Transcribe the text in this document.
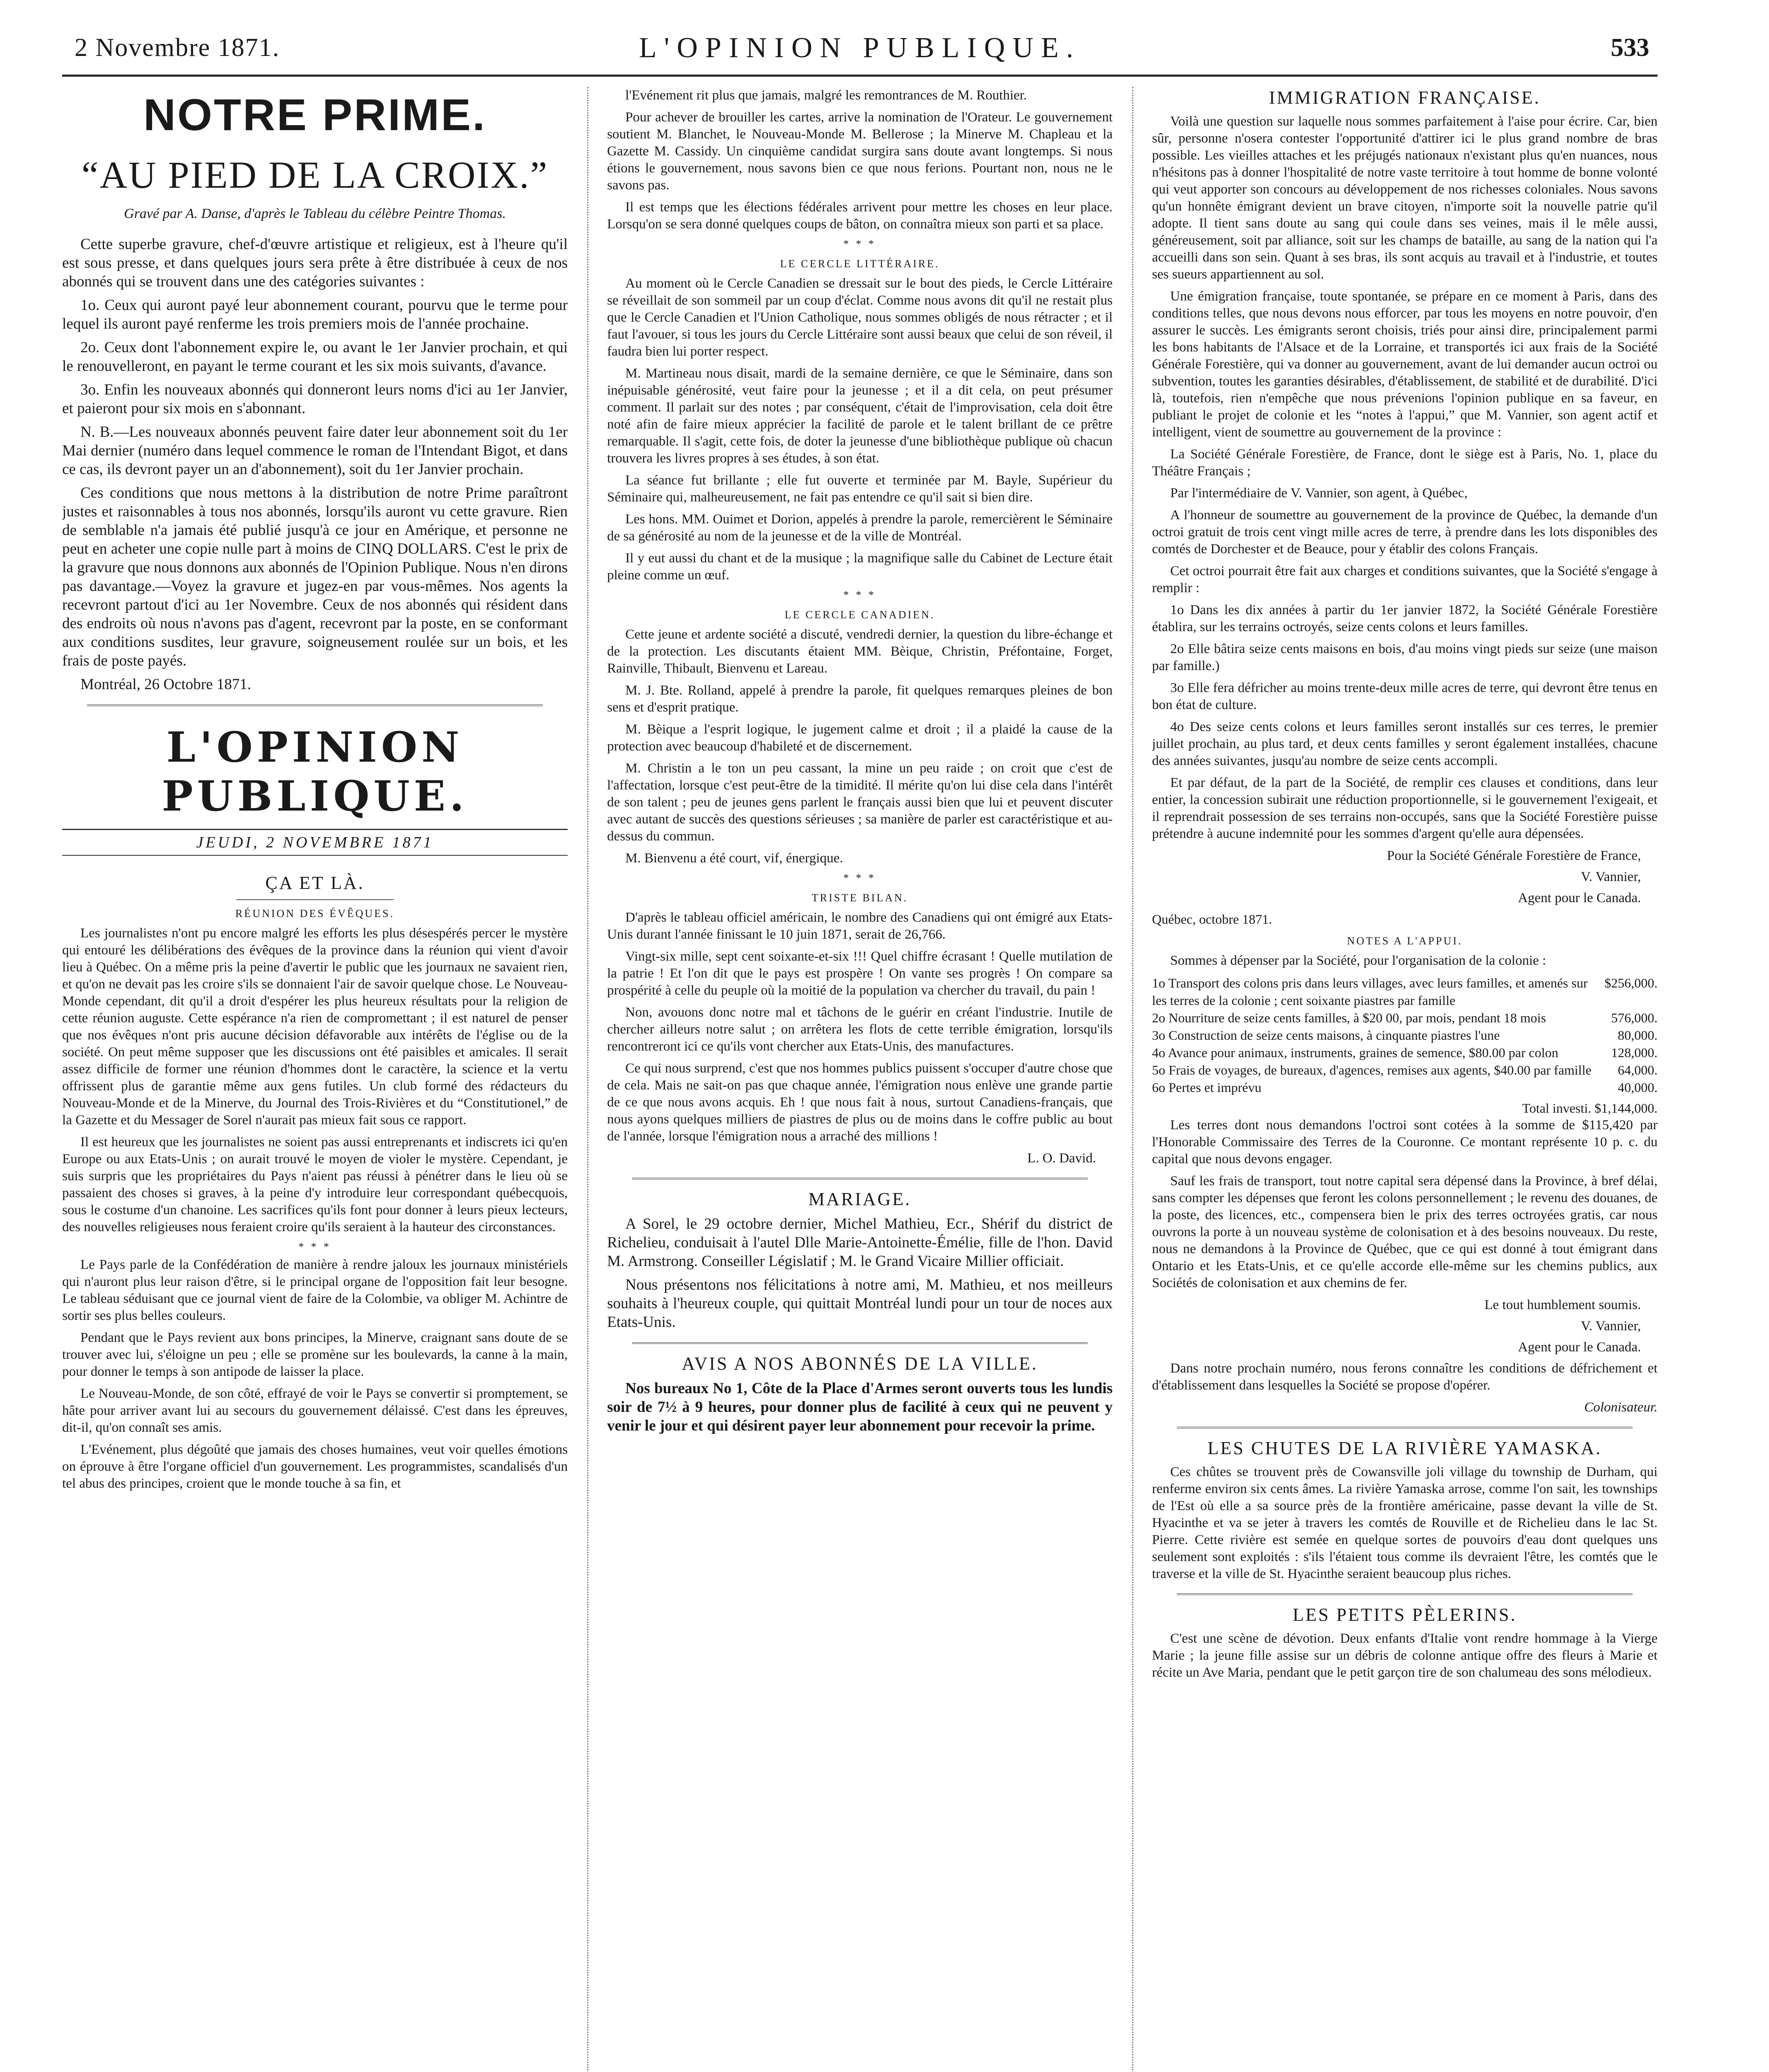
2 Novembre 1871.	L'OPINION PUBLIQUE.	533
NOTRE PRIME.
“AU PIED DE LA CROIX.”
Gravé par A. Danse, d'après le Tableau du célèbre Peintre Thomas.

Cette superbe gravure, chef-d'œuvre artistique et religieux, est à l'heure qu'il est sous presse, et dans quelques jours sera prête à être distribuée à ceux de nos abonnés qui se trouvent dans une des catégories suivantes :

1o. Ceux qui auront payé leur abonnement courant, pourvu que le terme pour lequel ils auront payé renferme les trois premiers mois de l'année prochaine.

2o. Ceux dont l'abonnement expire le, ou avant le 1er Janvier prochain, et qui le renouvelleront, en payant le terme courant et les six mois suivants, d'avance.

3o. Enfin les nouveaux abonnés qui donneront leurs noms d'ici au 1er Janvier, et paieront pour six mois en s'abonnant.

N. B.—Les nouveaux abonnés peuvent faire dater leur abonnement soit du 1er Mai dernier (numéro dans lequel commence le roman de l'Intendant Bigot, et dans ce cas, ils devront payer un an d'abonnement), soit du 1er Janvier prochain.

Ces conditions que nous mettons à la distribution de notre Prime paraîtront justes et raisonnables à tous nos abonnés, lorsqu'ils auront vu cette gravure. Rien de semblable n'a jamais été publié jusqu'à ce jour en Amérique, et personne ne peut en acheter une copie nulle part à moins de CINQ DOLLARS. C'est le prix de la gravure que nous donnons aux abonnés de l'Opinion Publique. Nous n'en dirons pas davantage.—Voyez la gravure et jugez-en par vous-mêmes. Nos agents la recevront partout d'ici au 1er Novembre. Ceux de nos abonnés qui résident dans des endroits où nous n'avons pas d'agent, recevront par la poste, en se conformant aux conditions susdites, leur gravure, soigneusement roulée sur un bois, et les frais de poste payés.

Montréal, 26 Octobre 1871.

L'OPINION PUBLIQUE.
JEUDI, 2 NOVEMBRE 1871
ÇA ET LÀ.
RÉUNION DES ÉVÊQUES.

Les journalistes n'ont pu encore malgré les efforts les plus désespérés percer le mystère qui entouré les délibérations des évêques de la province dans la réunion qui vient d'avoir lieu à Québec. On a même pris la peine d'avertir le public que les journaux ne savaient rien, et qu'on ne devait pas les croire s'ils se donnaient l'air de savoir quelque chose. Le Nouveau-Monde cependant, dit qu'il a droit d'espérer les plus heureux résultats pour la religion de cette réunion auguste. Cette espérance n'a rien de compromettant ; il est naturel de penser que nos évêques n'ont pris aucune décision défavorable aux intérêts de l'église ou de la société. On peut même supposer que les discussions ont été paisibles et amicales. Il serait assez difficile de former une réunion d'hommes dont le caractère, la science et la vertu offrissent plus de garantie même aux gens futiles. Un club formé des rédacteurs du Nouveau-Monde et de la Minerve, du Journal des Trois-Rivières et du “Constitutionel,” de la Gazette et du Messager de Sorel n'aurait pas mieux fait sous ce rapport.

Il est heureux que les journalistes ne soient pas aussi entreprenants et indiscrets ici qu'en Europe ou aux Etats-Unis ; on aurait trouvé le moyen de violer le mystère. Cependant, je suis surpris que les propriétaires du Pays n'aient pas réussi à pénétrer dans le lieu où se passaient des choses si graves, à la peine d'y introduire leur correspondant québecquois, sous le costume d'un chanoine. Les sacrifices qu'ils font pour donner à leurs pieux lecteurs, des nouvelles religieuses nous feraient croire qu'ils seraient à la hauteur des circonstances.

* * *

Le Pays parle de la Confédération de manière à rendre jaloux les journaux ministériels qui n'auront plus leur raison d'être, si le principal organe de l'opposition fait leur besogne. Le tableau séduisant que ce journal vient de faire de la Colombie, va obliger M. Achintre de sortir ses plus belles couleurs.

Pendant que le Pays revient aux bons principes, la Minerve, craignant sans doute de se trouver avec lui, s'éloigne un peu ; elle se promène sur les boulevards, la canne à la main, pour donner le temps à son antipode de laisser la place.

Le Nouveau-Monde, de son côté, effrayé de voir le Pays se convertir si promptement, se hâte pour arriver avant lui au secours du gouvernement délaissé. C'est dans les épreuves, dit-il, qu'on connaît ses amis.

L'Evénement, plus dégoûté que jamais des choses humaines, veut voir quelles émotions on éprouve à être l'organe officiel d'un gouvernement. Les programmistes, scandalisés d'un tel abus des principes, croient que le monde touche à sa fin, et

l'Evénement rit plus que jamais, malgré les remontrances de M. Routhier.

Pour achever de brouiller les cartes, arrive la nomination de l'Orateur. Le gouvernement soutient M. Blanchet, le Nouveau-Monde M. Bellerose ; la Minerve M. Chapleau et la Gazette M. Cassidy. Un cinquième candidat surgira sans doute avant longtemps. Si nous étions le gouvernement, nous savons bien ce que nous ferions. Pourtant non, nous ne le savons pas.

Il est temps que les élections fédérales arrivent pour mettre les choses en leur place. Lorsqu'on se sera donné quelques coups de bâton, on connaîtra mieux son parti et sa place.

* * *
LE CERCLE LITTÉRAIRE.

Au moment où le Cercle Canadien se dressait sur le bout des pieds, le Cercle Littéraire se réveillait de son sommeil par un coup d'éclat. Comme nous avons dit qu'il ne restait plus que le Cercle Canadien et l'Union Catholique, nous sommes obligés de nous rétracter ; et il faut l'avouer, si tous les jours du Cercle Littéraire sont aussi beaux que celui de son réveil, il faudra bien lui porter respect.

M. Martineau nous disait, mardi de la semaine dernière, ce que le Séminaire, dans son inépuisable générosité, veut faire pour la jeunesse ; et il a dit cela, on peut présumer comment. Il parlait sur des notes ; par conséquent, c'était de l'improvisation, cela doit être noté afin de faire mieux apprécier la facilité de parole et le talent brillant de ce prêtre remarquable. Il s'agit, cette fois, de doter la jeunesse d'une bibliothèque publique où chacun trouvera les livres propres à ses études, à son état.

La séance fut brillante ; elle fut ouverte et terminée par M. Bayle, Supérieur du Séminaire qui, malheureusement, ne fait pas entendre ce qu'il sait si bien dire.

Les hons. MM. Ouimet et Dorion, appelés à prendre la parole, remercièrent le Séminaire de sa générosité au nom de la jeunesse et de la ville de Montréal.

Il y eut aussi du chant et de la musique ; la magnifique salle du Cabinet de Lecture était pleine comme un œuf.

* * *
LE CERCLE CANADIEN.

Cette jeune et ardente société a discuté, vendredi dernier, la question du libre-échange et de la protection. Les discutants étaient MM. Bèique, Christin, Préfontaine, Forget, Rainville, Thibault, Bienvenu et Lareau.

M. J. Bte. Rolland, appelé à prendre la parole, fit quelques remarques pleines de bon sens et d'esprit pratique.

M. Bèique a l'esprit logique, le jugement calme et droit ; il a plaidé la cause de la protection avec beaucoup d'habileté et de discernement.

M. Christin a le ton un peu cassant, la mine un peu raide ; on croit que c'est de l'affectation, lorsque c'est peut-être de la timidité. Il mérite qu'on lui dise cela dans l'intérêt de son talent ; peu de jeunes gens parlent le français aussi bien que lui et peuvent discuter avec autant de succès des questions sérieuses ; sa manière de parler est caractéristique et au-dessus du commun.

M. Bienvenu a été court, vif, énergique.

* * *
TRISTE BILAN.

D'après le tableau officiel américain, le nombre des Canadiens qui ont émigré aux Etats-Unis durant l'année finissant le 10 juin 1871, serait de 26,766.

Vingt-six mille, sept cent soixante-et-six !!! Quel chiffre écrasant ! Quelle mutilation de la patrie ! Et l'on dit que le pays est prospère ! On vante ses progrès ! On compare sa prospérité à celle du peuple où la moitié de la population va chercher du travail, du pain !

Non, avouons donc notre mal et tâchons de le guérir en créant l'industrie. Inutile de chercher ailleurs notre salut ; on arrêtera les flots de cette terrible émigration, lorsqu'ils rencontreront ici ce qu'ils vont chercher aux Etats-Unis, des manufactures.

Ce qui nous surprend, c'est que nos hommes publics puissent s'occuper d'autre chose que de cela. Mais ne sait-on pas que chaque année, l'émigration nous enlève une grande partie de ce que nous avons acquis. Eh ! que nous fait à nous, surtout Canadiens-français, que nous ayons quelques milliers de piastres de plus ou de moins dans le coffre public au bout de l'année, lorsque l'émigration nous a arraché des millions !

L. O. David.
MARIAGE.

A Sorel, le 29 octobre dernier, Michel Mathieu, Ecr., Shérif du district de Richelieu, conduisait à l'autel Dlle Marie-Antoinette-Émélie, fille de l'hon. David M. Armstrong. Conseiller Législatif ; M. le Grand Vicaire Millier officiait.

Nous présentons nos félicitations à notre ami, M. Mathieu, et nos meilleurs souhaits à l'heureux couple, qui quittait Montréal lundi pour un tour de noces aux Etats-Unis.

AVIS A NOS ABONNÉS DE LA VILLE.

Nos bureaux No 1, Côte de la Place d'Armes seront ouverts tous les lundis soir de 7½ à 9 heures, pour donner plus de facilité à ceux qui ne peuvent y venir le jour et qui désirent payer leur abonnement pour recevoir la prime.

IMMIGRATION FRANÇAISE.

Voilà une question sur laquelle nous sommes parfaitement à l'aise pour écrire. Car, bien sûr, personne n'osera contester l'opportunité d'attirer ici le plus grand nombre de bras possible. Les vieilles attaches et les préjugés nationaux n'existant plus qu'en nuances, nous n'hésitons pas à donner l'hospitalité de notre vaste territoire à tout homme de bonne volonté qui veut apporter son concours au développement de nos richesses coloniales. Nous savons qu'un honnête émigrant devient un brave citoyen, n'importe soit la nouvelle patrie qu'il adopte. Il tient sans doute au sang qui coule dans ses veines, mais il le mêle aussi, généreusement, soit par alliance, soit sur les champs de bataille, au sang de la nation qui l'a accueilli dans son sein. Quant à ses bras, ils sont acquis au travail et à l'industrie, et toutes ses sueurs appartiennent au sol.

Une émigration française, toute spontanée, se prépare en ce moment à Paris, dans des conditions telles, que nous devons nous efforcer, par tous les moyens en notre pouvoir, d'en assurer le succès. Les émigrants seront choisis, triés pour ainsi dire, principalement parmi les bons habitants de l'Alsace et de la Lorraine, et transportés ici aux frais de la Société Générale Forestière, qui va donner au gouvernement, avant de lui demander aucun octroi ou subvention, toutes les garanties désirables, d'établissement, de stabilité et de durabilité. D'ici là, toutefois, rien n'empêche que nous prévenions l'opinion publique en sa faveur, en publiant le projet de colonie et les “notes à l'appui,” que M. Vannier, son agent actif et intelligent, vient de soumettre au gouvernement de la province :

La Société Générale Forestière, de France, dont le siège est à Paris, No. 1, place du Théâtre Français ;

Par l'intermédiaire de V. Vannier, son agent, à Québec,

A l'honneur de soumettre au gouvernement de la province de Québec, la demande d'un octroi gratuit de trois cent vingt mille acres de terre, à prendre dans les lots disponibles des comtés de Dorchester et de Beauce, pour y établir des colons Français.

Cet octroi pourrait être fait aux charges et conditions suivantes, que la Société s'engage à remplir :

1o Dans les dix années à partir du 1er janvier 1872, la Société Générale Forestière établira, sur les terrains octroyés, seize cents colons et leurs familles.

2o Elle bâtira seize cents maisons en bois, d'au moins vingt pieds sur seize (une maison par famille.)

3o Elle fera défricher au moins trente-deux mille acres de terre, qui devront être tenus en bon état de culture.

4o Des seize cents colons et leurs familles seront installés sur ces terres, le premier juillet prochain, au plus tard, et deux cents familles y seront également installées, chacune des années suivantes, jusqu'au nombre de seize cents accompli.

Et par défaut, de la part de la Société, de remplir ces clauses et conditions, dans leur entier, la concession subirait une réduction proportionnelle, si le gouvernement l'exigeait, et il reprendrait possession de ses terrains non-occupés, sans que la Société Forestière puisse prétendre à aucune indemnité pour les sommes d'argent qu'elle aura dépensées.

Pour la Société Générale Forestière de France,
V. Vannier,
Agent pour le Canada.

Québec, octobre 1871.

NOTES A L'APPUI.

Sommes à dépenser par la Société, pour l'organisation de la colonie :

1o Transport des colons pris dans leurs villages, avec leurs familles, et amenés sur les terres de la colonie ; cent soixante piastres par famille
$256,000.
2o Nourriture de seize cents familles, à $20 00, par mois, pendant 18 mois	576,000.
3o Construction de seize cents maisons, à cinquante piastres l'une	80,000.
4o Avance pour animaux, instruments, graines de semence, $80.00 par colon	128,000.
5o Frais de voyages, de bureaux, d'agences, remises aux agents, $40.00 par famille	64,000.
6o Pertes et imprévu	40,000.
Total investi. $1,144,000.

Les terres dont nous demandons l'octroi sont cotées à la somme de $115,420 par l'Honorable Commissaire des Terres de la Couronne. Ce montant représente 10 p. c. du capital que nous devons engager.

Sauf les frais de transport, tout notre capital sera dépensé dans la Province, à bref délai, sans compter les dépenses que feront les colons personnellement ; le revenu des douanes, de la poste, des licences, etc., compensera bien le prix des terres octroyées gratis, car nous ouvrons la porte à un nouveau système de colonisation et à des besoins nouveaux. Du reste, nous ne demandons à la Province de Québec, que ce qui est donné à tout émigrant dans Ontario et les Etats-Unis, et ce qu'elle accorde elle-même sur les chemins publics, aux Sociétés de colonisation et aux chemins de fer.

Le tout humblement soumis.
V. Vannier,
Agent pour le Canada.

Dans notre prochain numéro, nous ferons connaître les conditions de défrichement et d'établissement dans lesquelles la Société se propose d'opérer.

Colonisateur.
LES CHUTES DE LA RIVIÈRE YAMASKA.

Ces chûtes se trouvent près de Cowansville joli village du township de Durham, qui renferme environ six cents âmes. La rivière Yamaska arrose, comme l'on sait, les townships de l'Est où elle a sa source près de la frontière américaine, passe devant la ville de St. Hyacinthe et va se jeter à travers les comtés de Rouville et de Richelieu dans le lac St. Pierre. Cette rivière est semée en quelque sortes de pouvoirs d'eau dont quelques uns seulement sont exploités : s'ils l'étaient tous comme ils devraient l'être, les comtés que le traverse et la ville de St. Hyacinthe seraient beaucoup plus riches.

LES PETITS PÈLERINS.

C'est une scène de dévotion. Deux enfants d'Italie vont rendre hommage à la Vierge Marie ; la jeune fille assise sur un débris de colonne antique offre des fleurs à Marie et récite un Ave Maria, pendant que le petit garçon tire de son chalumeau des sons mélodieux.
